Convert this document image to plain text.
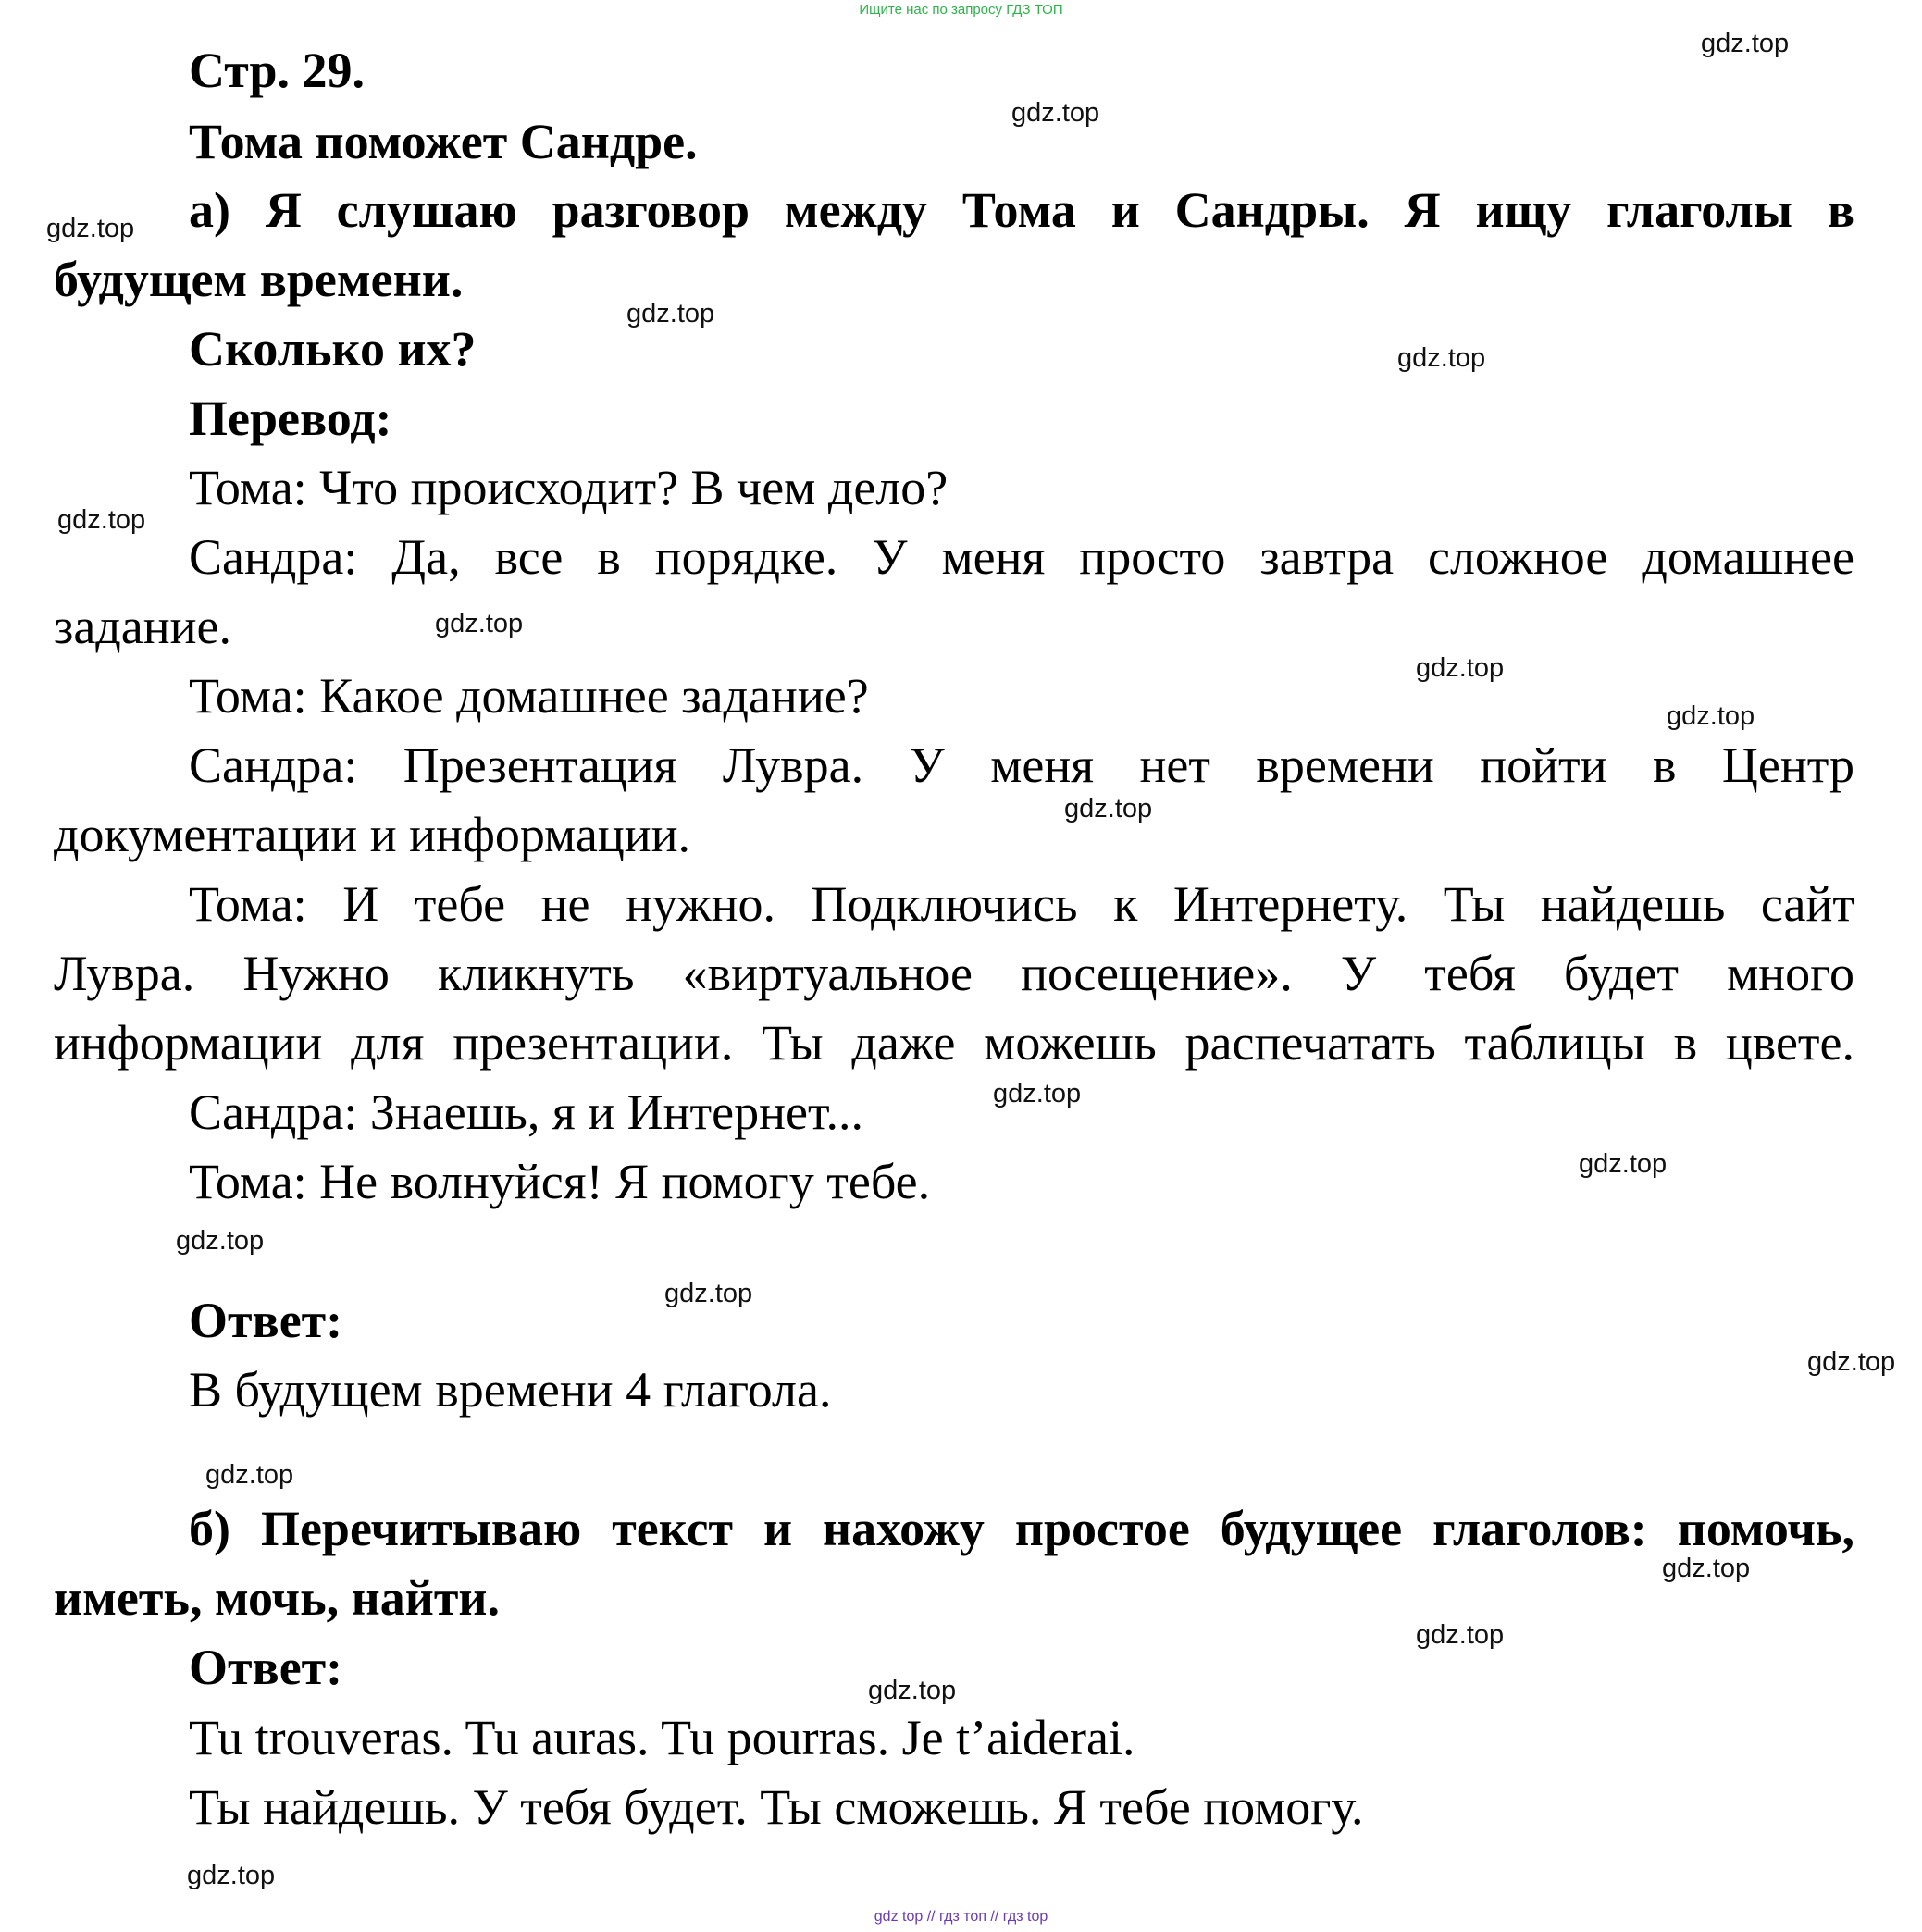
Ищите нас по запросу ГДЗ ТОП
Стр. 29.
Тома поможет Сандре.
а) Я слушаю разговор между Тома и Сандры. Я ищу глаголы в
будущем времени.
Сколько их?
Перевод:
Тома: Что происходит? В чем дело?
Сандра: Да, все в порядке. У меня просто завтра сложное домашнее
задание.
Тома: Какое домашнее задание?
Сандра: Презентация Лувра. У меня нет времени пойти в Центр
документации и информации.
Тома: И тебе не нужно. Подключись к Интернету. Ты найдешь сайт
Лувра. Нужно кликнуть «виртуальное посещение». У тебя будет много
информации для презентации. Ты даже можешь распечатать таблицы в цвете.
Сандра: Знаешь, я и Интернет...
Тома: Не волнуйся! Я помогу тебе.
Ответ:
В будущем времени 4 глагола.
б) Перечитываю текст и нахожу простое будущее глаголов: помочь,
иметь, мочь, найти.
Ответ:
Tu trouveras. Tu auras. Tu pourras. Je t’aiderai.
Ты найдешь. У тебя будет. Ты сможешь. Я тебе помогу.
gdz.top
gdz.top
gdz.top
gdz.top
gdz.top
gdz.top
gdz.top
gdz.top
gdz.top
gdz.top
gdz.top
gdz.top
gdz.top
gdz.top
gdz.top
gdz.top
gdz.top
gdz.top
gdz.top
gdz.top
gdz top // гдз топ // гдз top
